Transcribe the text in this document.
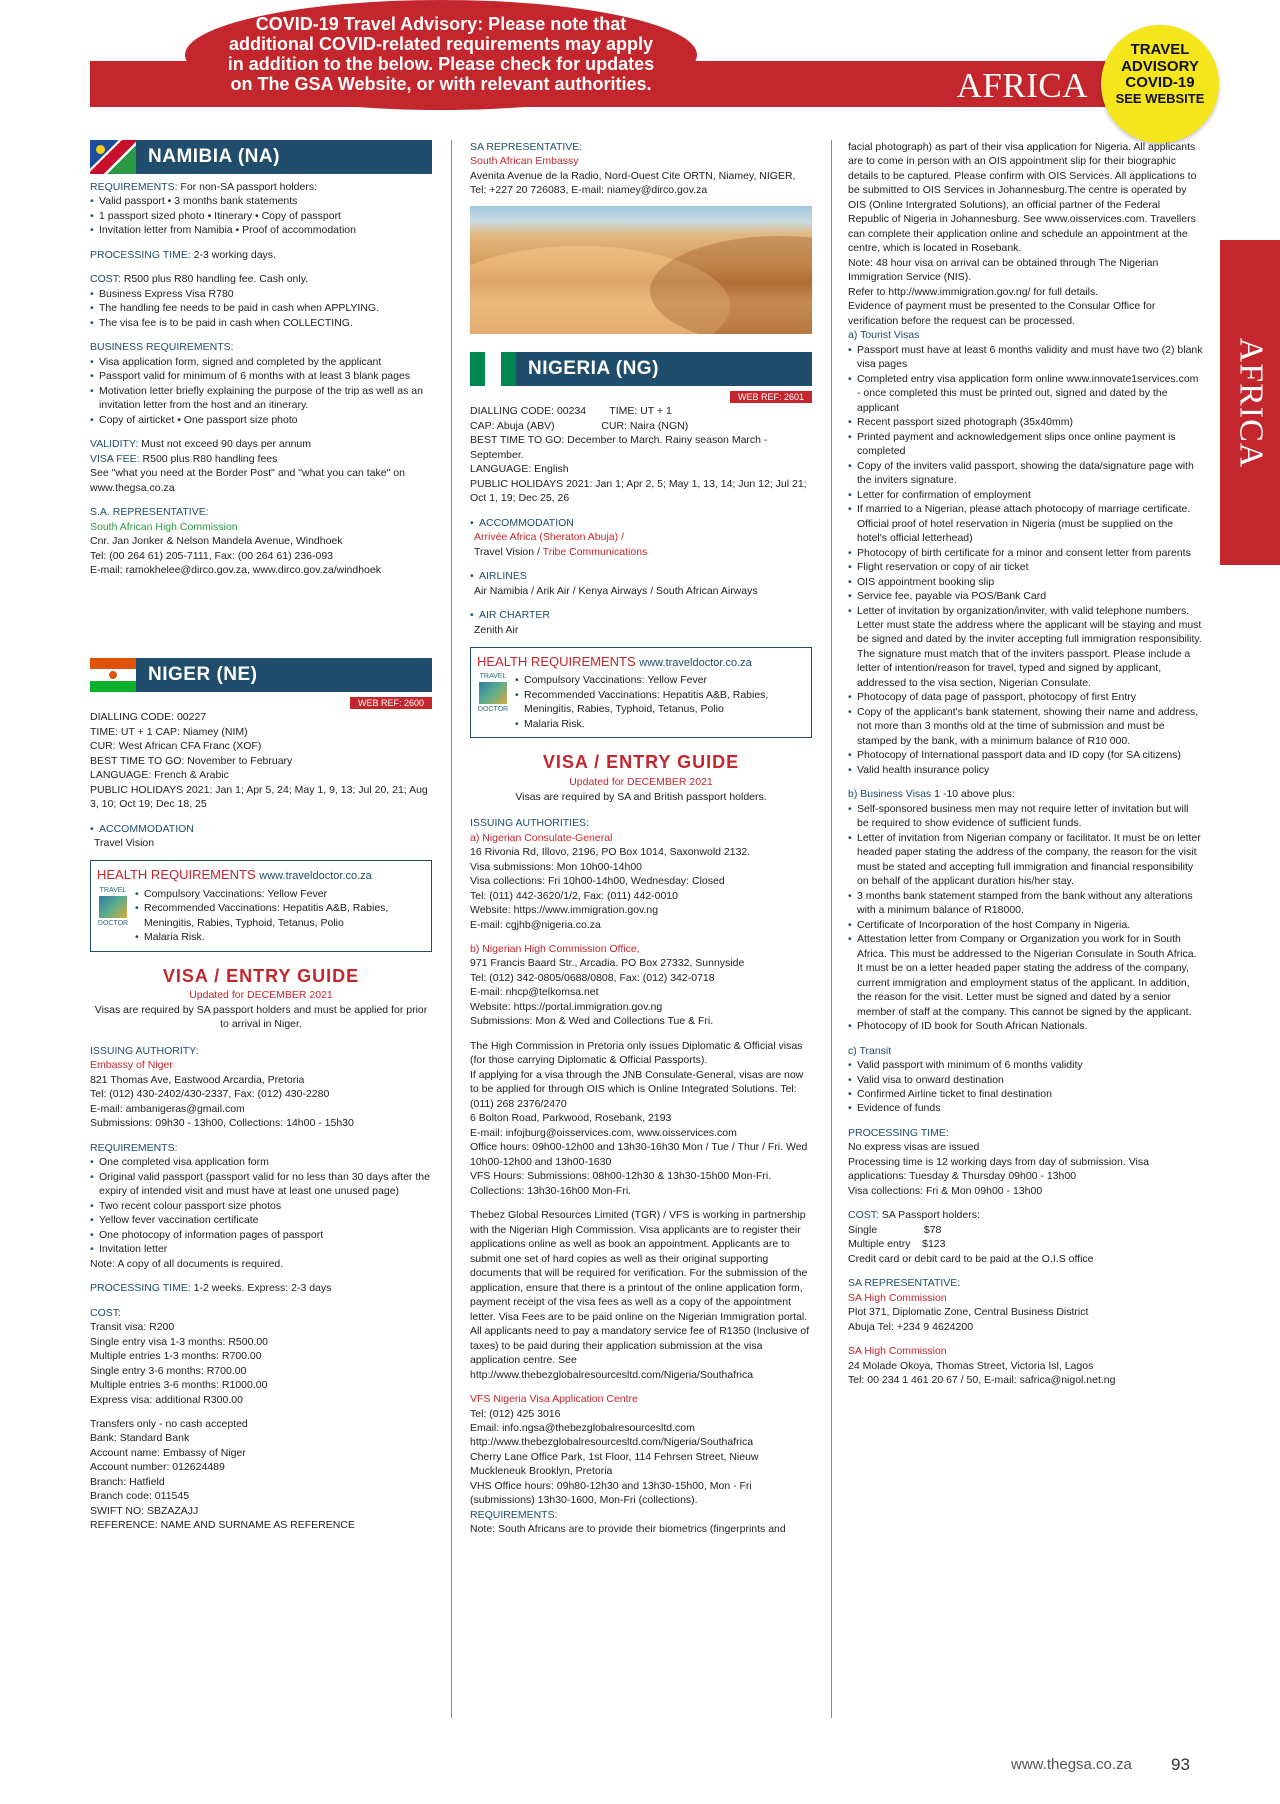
COVID-19 Travel Advisory: Please note that
additional COVID-related requirements may apply
in addition to the below. Please check for updates
on The GSA Website, or with relevant authorities.	AFRICA
TRAVEL
ADVISORY
COVID-19
SEE WEBSITE
AFRICA
NAMIBIA (NA)
REQUIREMENTS: For non-SA passport holders:
• Valid passport • 3 months bank statements
• 1 passport sized photo • Itinerary • Copy of passport
• Invitation letter from Namibia • Proof of accommodation
PROCESSING TIME: 2-3 working days.
COST: R500 plus R80 handling fee. Cash only.
• Business Express Visa R780
• The handling fee needs to be paid in cash when APPLYING.
• The visa fee is to be paid in cash when COLLECTING.
BUSINESS REQUIREMENTS:
• Visa application form, signed and completed by the applicant
• Passport valid for minimum of 6 months with at least 3 blank pages
• Motivation letter briefly explaining the purpose of the trip as well as an invitation letter from the host and an itinerary.
• Copy of airticket • One passport size photo
VALIDITY: Must not exceed 90 days per annum
VISA FEE: R500 plus R80 handling fees
See "what you need at the Border Post" and "what you can take" on www.thegsa.co.za
S.A. REPRESENTATIVE:
South African High Commission
Cnr. Jan Jonker & Nelson Mandela Avenue, Windhoek
Tel: (00 264 61) 205-7111, Fax: (00 264 61) 236-093
E-mail: ramokhelee@dirco.gov.za, www.dirco.gov.za/windhoek
NIGER (NE)
WEB REF: 2600
DIALLING CODE: 00227
TIME: UT + 1 CAP: Niamey (NIM)
CUR: West African CFA Franc (XOF)
BEST TIME TO GO: November to February
LANGUAGE: French & Arabic
PUBLIC HOLIDAYS 2021: Jan 1; Apr 5, 24; May 1, 9, 13; Jul 20, 21; Aug 3, 10; Oct 19; Dec 18, 25
• ACCOMMODATION
Travel Vision
HEALTH REQUIREMENTS www.traveldoctor.co.za
TRAVEL
DOCTOR
• Compulsory Vaccinations: Yellow Fever
• Recommended Vaccinations: Hepatitis A&B, Rabies, Meningitis, Rabies, Typhoid, Tetanus, Polio
• Malaria Risk.
VISA / ENTRY GUIDE
Updated for DECEMBER 2021
Visas are required by SA passport holders and must be applied for prior to arrival in Niger.
ISSUING AUTHORITY:
Embassy of Niger
821 Thomas Ave, Eastwood Arcardia, Pretoria
Tel: (012) 430-2402/430-2337, Fax: (012) 430-2280
E-mail: ambanigeras@gmail.com
Submissions: 09h30 - 13h00, Collections: 14h00 - 15h30
REQUIREMENTS:
• One completed visa application form
• Original valid passport (passport valid for no less than 30 days after the expiry of intended visit and must have at least one unused page)
• Two recent colour passport size photos
• Yellow fever vaccination certificate
• One photocopy of information pages of passport
• Invitation letter
Note: A copy of all documents is required.
PROCESSING TIME: 1-2 weeks. Express: 2-3 days
COST:
Transit visa: R200
Single entry visa 1-3 months: R500.00
Multiple entries 1-3 months: R700.00
Single entry 3-6 months: R700.00
Multiple entries 3-6 months: R1000.00
Express visa: additional R300.00
Transfers only - no cash accepted
Bank: Standard Bank
Account name: Embassy of Niger
Account number: 012624489
Branch: Hatfield
Branch code: 011545
SWIFT NO: SBZAZAJJ
REFERENCE: NAME AND SURNAME AS REFERENCE
SA REPRESENTATIVE:
South African Embassy
Avenita Avenue de la Radio, Nord-Ouest Cite ORTN, Niamey, NIGER,
Tel: +227 20 726083, E-mail: niamey@dirco.gov.za
NIGERIA (NG)
WEB REF: 2601
DIALLING CODE: 00234        TIME: UT + 1
CAP: Abuja (ABV)                CUR: Naira (NGN)
BEST TIME TO GO: December to March. Rainy season March - September.
LANGUAGE: English
PUBLIC HOLIDAYS 2021: Jan 1; Apr 2, 5; May 1, 13, 14; Jun 12; Jul 21; Oct 1, 19; Dec 25, 26
• ACCOMMODATION
Arrivée Africa (Sheraton Abuja) /
Travel Vision / Tribe Communications
• AIRLINES
Air Namibia / Arik Air / Kenya Airways / South African Airways
• AIR CHARTER
Zenith Air
HEALTH REQUIREMENTS www.traveldoctor.co.za
TRAVEL
DOCTOR
• Compulsory Vaccinations: Yellow Fever
• Recommended Vaccinations: Hepatitis A&B, Rabies, Meningitis, Rabies, Typhoid, Tetanus, Polio
• Malaria Risk.
VISA / ENTRY GUIDE
Updated for DECEMBER 2021
Visas are required by SA and British passport holders.
ISSUING AUTHORITIES:
a) Nigerian Consulate-General
16 Rivonia Rd, Illovo, 2196, PO Box 1014, Saxonwold 2132.
Visa submissions: Mon 10h00-14h00
Visa collections: Fri 10h00-14h00, Wednesday: Closed
Tel: (011) 442-3620/1/2, Fax: (011) 442-0010
Website: https://www.immigration.gov.ng
E-mail: cgjhb@nigeria.co.za
b) Nigerian High Commission Office,
971 Francis Baard Str., Arcadia. PO Box 27332, Sunnyside
Tel: (012) 342-0805/0688/0808, Fax: (012) 342-0718
E-mail: nhcp@telkomsa.net
Website: https://portal.immigration.gov.ng
Submissions: Mon & Wed and Collections Tue & Fri.
The High Commission in Pretoria only issues Diplomatic & Official visas (for those carrying Diplomatic & Official Passports).
If applying for a visa through the JNB Consulate-General, visas are now to be applied for through OIS which is Online Integrated Solutions. Tel: (011) 268 2376/2470
6 Bolton Road, Parkwood, Rosebank, 2193
E-mail: infojburg@oisservices.com, www.oisservices.com
Office hours: 09h00-12h00 and 13h30-16h30 Mon / Tue / Thur / Fri. Wed 10h00-12h00 and 13h00-1630
VFS Hours: Submissions: 08h00-12h30 & 13h30-15h00 Mon-Fri. Collections: 13h30-16h00 Mon-Fri.
Thebez Global Resources Limited (TGR) / VFS is working in partnership with the Nigerian High Commission. Visa applicants are to register their applications online as well as book an appointment. Applicants are to submit one set of hard copies as well as their original supporting documents that will be required for verification. For the submission of the application, ensure that there is a printout of the online application form, payment receipt of the visa fees as well as a copy of the appointment letter. Visa Fees are to be paid online on the Nigerian Immigration portal. All applicants need to pay a mandatory service fee of R1350 (Inclusive of taxes) to be paid during their application submission at the visa application centre. See http://www.thebezglobalresourcesltd.com/Nigeria/Southafrica
VFS Nigeria Visa Application Centre
Tel: (012) 425 3016
Email: info.ngsa@thebezglobalresourcesltd.com
http://www.thebezglobalresourcesltd.com/Nigeria/Southafrica
Cherry Lane Office Park, 1st Floor, 114 Fehrsen Street, Nieuw Muckleneuk Brooklyn, Pretoria
VHS Office hours: 09h80-12h30 and 13h30-15h00, Mon - Fri (submissions) 13h30-1600, Mon-Fri (collections).
REQUIREMENTS:
Note: South Africans are to provide their biometrics (fingerprints and
facial photograph) as part of their visa application for Nigeria. All applicants are to come in person with an OIS appointment slip for their biographic details to be captured. Please confirm with OIS Services. All applications to be submitted to OIS Services in Johannesburg.The centre is operated by OIS (Online Intergrated Solutions), an official partner of the Federal Republic of Nigeria in Johannesburg. See www.oisservices.com. Travellers can complete their application online and schedule an appointment at the centre, which is located in Rosebank.
Note: 48 hour visa on arrival can be obtained through The Nigerian Immigration Service (NIS).
Refer to http://www.immigration.gov.ng/ for full details.
Evidence of payment must be presented to the Consular Office for verification before the request can be processed.
a) Tourist Visas
• Passport must have at least 6 months validity and must have two (2) blank visa pages
• Completed entry visa application form online www.innovate1services.com - once completed this must be printed out, signed and dated by the applicant
• Recent passport sized photograph (35x40mm)
• Printed payment and acknowledgement slips once online payment is completed
• Copy of the inviters valid passport, showing the data/signature page with the inviters signature.
• Letter for confirmation of employment
• If married to a Nigerian, please attach photocopy of marriage certificate. Official proof of hotel reservation in Nigeria (must be supplied on the hotel's official letterhead)
• Photocopy of birth certificate for a minor and consent letter from parents
• Flight reservation or copy of air ticket
• OIS appointment booking slip
• Service fee, payable via POS/Bank Card
• Letter of invitation by organization/inviter, with valid telephone numbers. Letter must state the address where the applicant will be staying and must be signed and dated by the inviter accepting full immigration responsibility. The signature must match that of the inviters passport. Please include a letter of intention/reason for travel, typed and signed by applicant, addressed to the visa section, Nigerian Consulate.
• Photocopy of data page of passport, photocopy of first Entry
• Copy of the applicant's bank statement, showing their name and address, not more than 3 months old at the time of submission and must be stamped by the bank, with a minimum balance of R10 000.
• Photocopy of International passport data and ID copy (for SA citizens)
• Valid health insurance policy
b) Business Visas 1 -10 above plus:
• Self-sponsored business men may not require letter of invitation but will be required to show evidence of sufficient funds.
• Letter of invitation from Nigerian company or facilitator. It must be on letter headed paper stating the address of the company, the reason for the visit must be stated and accepting full immigration and financial responsibility on behalf of the applicant duration his/her stay.
• 3 months bank statement stamped from the bank without any alterations with a minimum balance of R18000.
• Certificate of Incorporation of the host Company in Nigeria.
• Attestation letter from Company or Organization you work for in South Africa. This must be addressed to the Nigerian Consulate in South Africa. It must be on a letter headed paper stating the address of the company, current immigration and employment status of the applicant. In addition, the reason for the visit. Letter must be signed and dated by a senior member of staff at the company. This cannot be signed by the applicant.
• Photocopy of ID book for South African Nationals.
c) Transit
• Valid passport with minimum of 6 months validity
• Valid visa to onward destination
• Confirmed Airline ticket to final destination
• Evidence of funds
PROCESSING TIME:
No express visas are issued
Processing time is 12 working days from day of submission. Visa applications: Tuesday & Thursday 09h00 - 13h00
Visa collections: Fri & Mon 09h00 - 13h00
COST: SA Passport holders:
Single                $78
Multiple entry    $123
Credit card or debit card to be paid at the O.I.S office
SA REPRESENTATIVE:
SA High Commission
Plot 371, Diplomatic Zone, Central Business District
Abuja Tel: +234 9 4624200
SA High Commission
24 Molade Okoya, Thomas Street, Victoria Isl, Lagos
Tel: 00 234 1 461 20 67 / 50, E-mail: safrica@nigol.net.ng
www.thegsa.co.za 93
